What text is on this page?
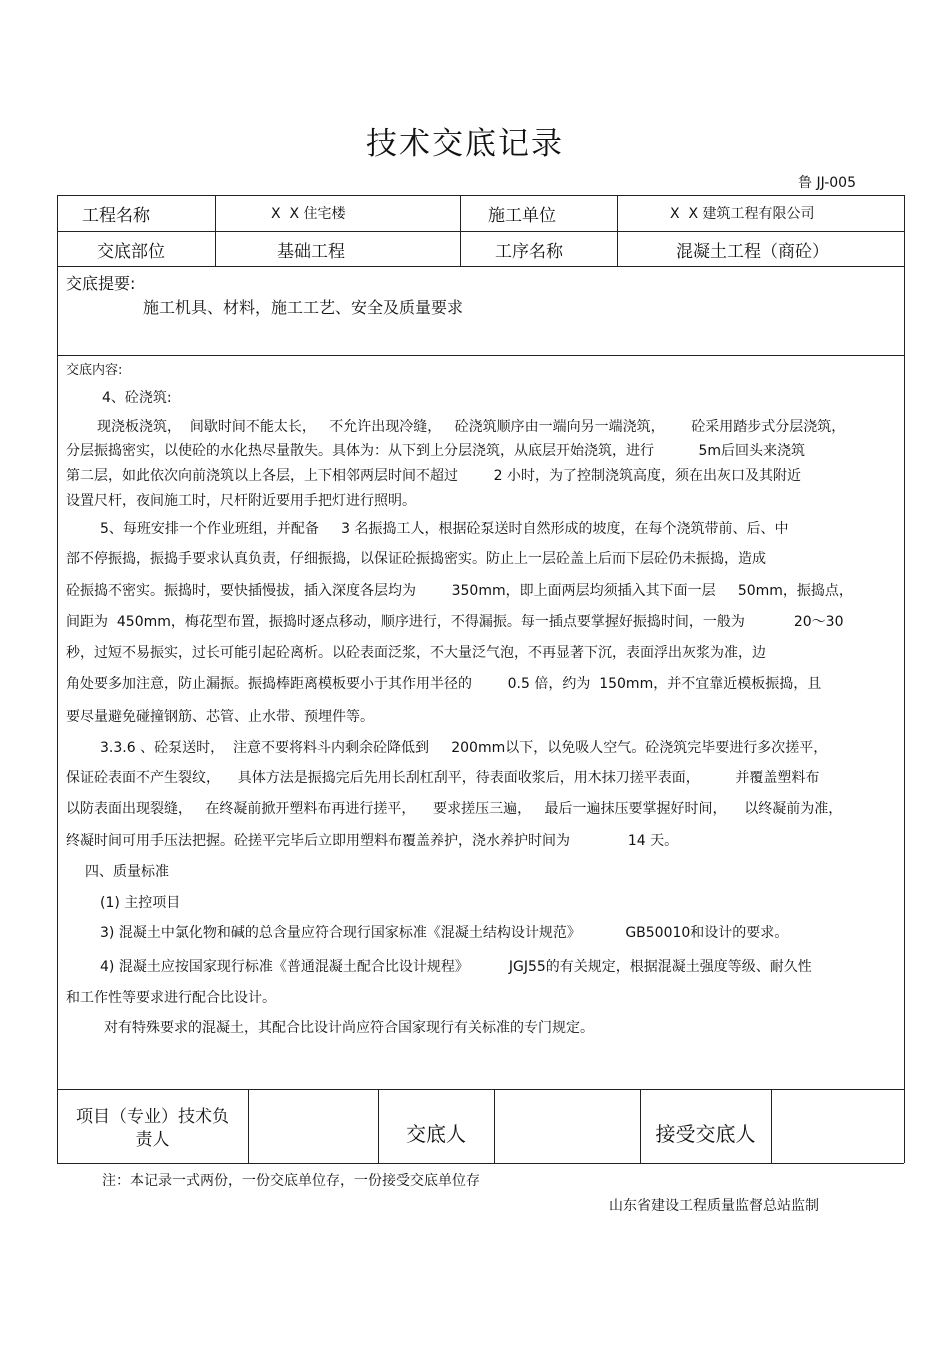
技术交底记录
鲁 JJ-005
工程名称	X  X 住宅楼	施工单位	X  X 建筑工程有限公司
交底部位	基础工程	工序名称	混凝土工程（商砼）
交底提要:
施工机具、材料，施工工艺、安全及质量要求
交底内容:
4、砼浇筑:
现浇板浇筑，  间歇时间不能太长，   不允许出现冷缝，   砼浇筑顺序由一端向另一端浇筑，      砼采用踏步式分层浇筑，
分层振捣密实，以使砼的水化热尽量散失。具体为：从下到上分层浇筑，从底层开始浇筑，进行          5m后回头来浇筑
第二层，如此依次向前浇筑以上各层，上下相邻两层时间不超过        2 小时，为了控制浇筑高度，须在出灰口及其附近
设置尺杆，夜间施工时，尺杆附近要用手把灯进行照明。
5、每班安排一个作业班组，并配备     3 名振捣工人，根据砼泵送时自然形成的坡度，在每个浇筑带前、后、中
部不停振捣，振捣手要求认真负责，仔细振捣，以保证砼振捣密实。防止上一层砼盖上后而下层砼仍未振捣，造成
砼振捣不密实。振捣时，要快插慢拔，插入深度各层均为        350mm，即上面两层均须插入其下面一层     50mm，振捣点，
间距为  450mm，梅花型布置，振捣时逐点移动，顺序进行，不得漏振。每一插点要掌握好振捣时间，一般为           20～30
秒，过短不易振实，过长可能引起砼离析。以砼表面泛浆，不大量泛气泡，不再显著下沉，表面浮出灰浆为准，边
角处要多加注意，防止漏振。振捣棒距离模板要小于其作用半径的        0.5 倍，约为  150mm，并不宜靠近模板振捣，且
要尽量避免碰撞钢筋、芯管、止水带、预埋件等。
3.3.6 、砼泵送时，  注意不要将料斗内剩余砼降低到     200mm以下，以免吸人空气。砼浇筑完毕要进行多次搓平，
保证砼表面不产生裂纹，    具体方法是振捣完后先用长刮杠刮平，待表面收浆后，用木抹刀搓平表面，        并覆盖塑料布
以防表面出现裂缝，   在终凝前掀开塑料布再进行搓平，    要求搓压三遍，   最后一遍抹压要掌握好时间，    以终凝前为准，
终凝时间可用手压法把握。砼搓平完毕后立即用塑料布覆盖养护，浇水养护时间为             14 天。
四、质量标准
(1) 主控项目
3) 混凝土中氯化物和碱的总含量应符合现行国家标准《混凝土结构设计规范》          GB50010和设计的要求。
4) 混凝土应按国家现行标准《普通混凝土配合比设计规程》         JGJ55的有关规定，根据混凝土强度等级、耐久性
和工作性等要求进行配合比设计。
对有特殊要求的混凝土，其配合比设计尚应符合国家现行有关标准的专门规定。
项目（专业）技术负
责人	交底人	接受交底人
注：本记录一式两份，一份交底单位存，一份接受交底单位存
山东省建设工程质量监督总站监制
